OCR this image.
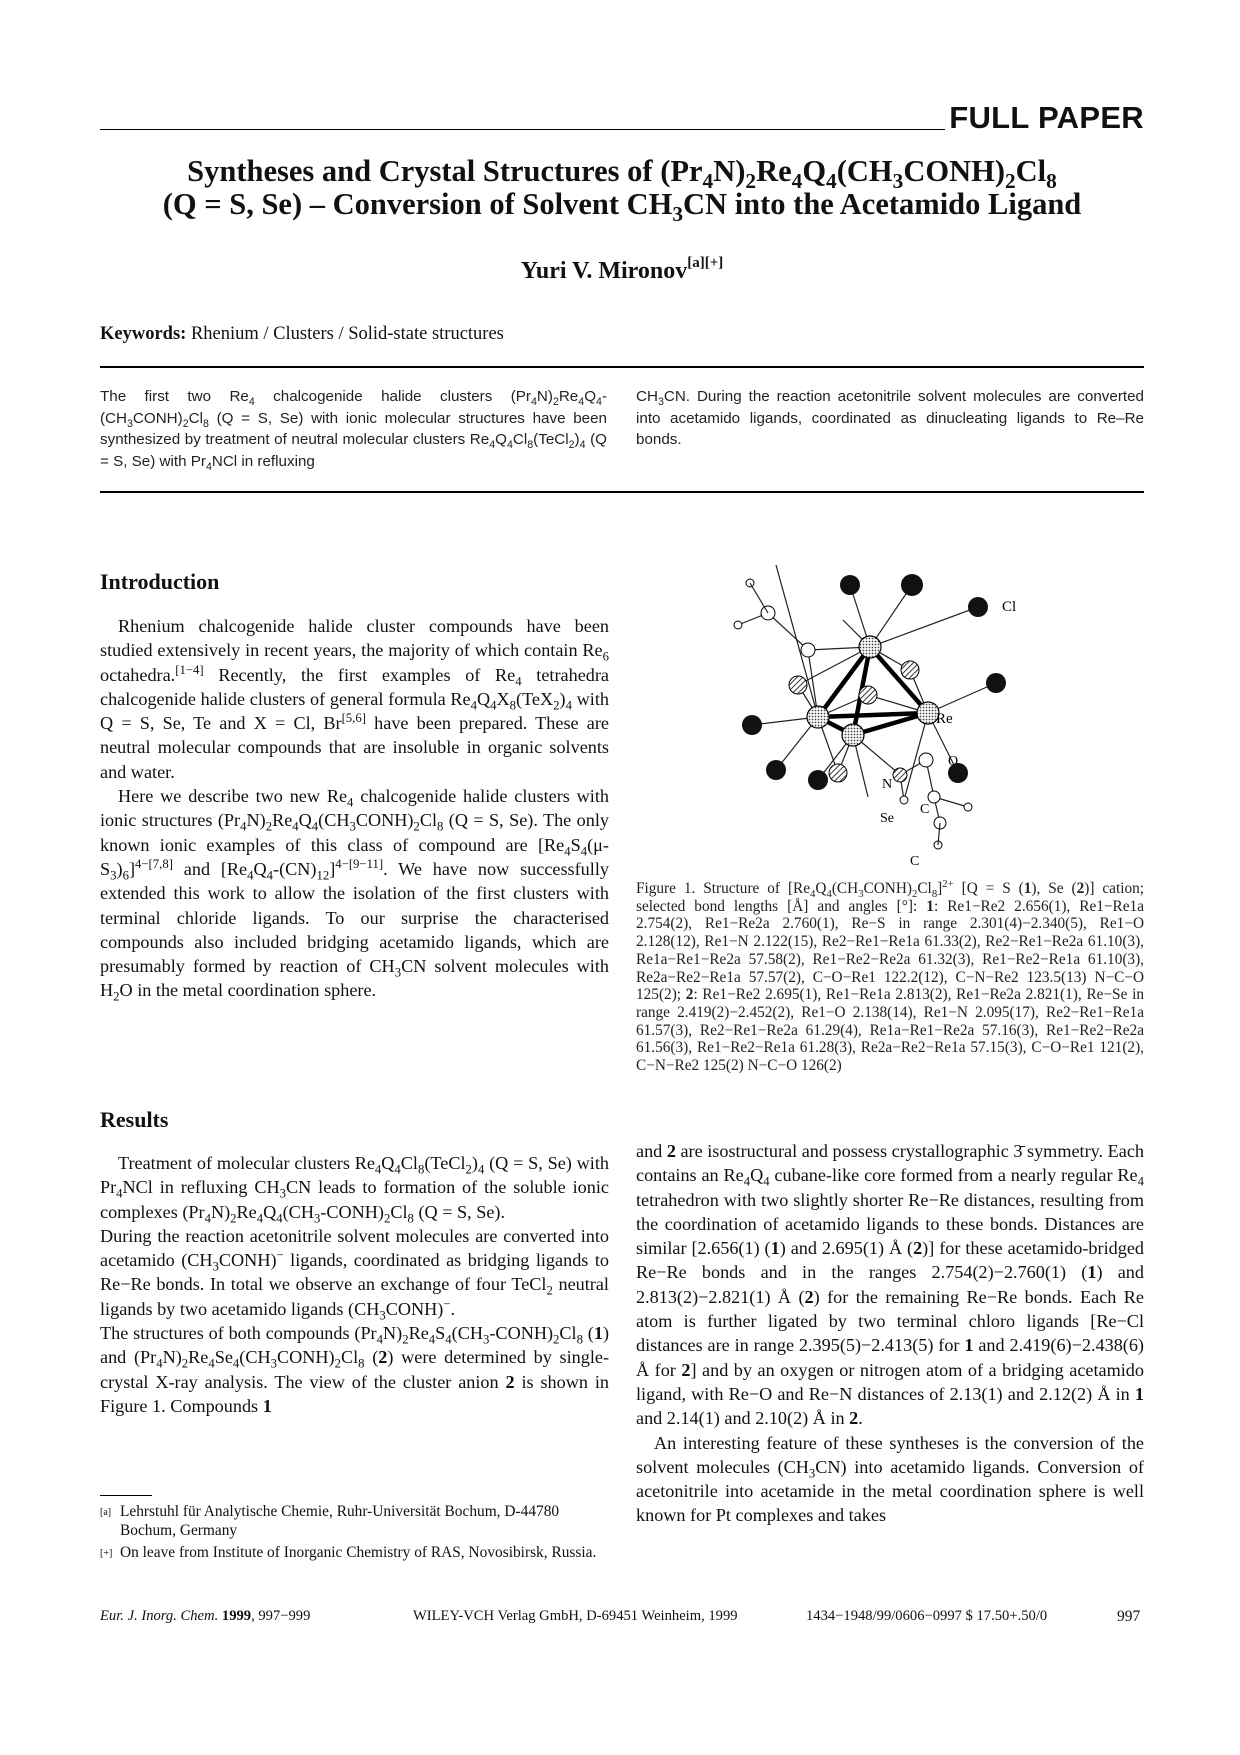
FULL PAPER
Syntheses and Crystal Structures of $(Pr_4N)_2Re_4Q_4(CH_3CONH)_2Cl_8$
(Q = S, Se) – Conversion of Solvent $CH_3CN$ into the Acetamido Ligand
Yuri V. Mironov[a][+]
Keywords: Rhenium / Clusters / Solid-state structures
The first two $Re_4$ chalcogenide halide clusters $(Pr_4N)_2Re_4Q_4-(CH_3CONH)_2Cl_8$ (Q = S, Se) with ionic molecular structures have been synthesized by treatment of neutral molecular clusters $Re_4Q_4Cl_8(TeCl_2)_4$ (Q = S, Se) with $Pr_4NCl$ in refluxing
$CH_3CN$. During the reaction acetonitrile solvent molecules are converted into acetamido ligands, coordinated as dinucleating ligands to Re–Re bonds.
Introduction

Rhenium chalcogenide halide cluster compounds have been studied extensively in recent years, the majority of which contain $Re_6$ octahedra.[1−4] Recently, the first examples of $Re_4$ tetrahedra chalcogenide halide clusters of general formula $Re_4Q_4X_8(TeX_2)_4$ with Q = S, Se, Te and X = Cl, Br[5,6] have been prepared. These are neutral molecular compounds that are insoluble in organic solvents and water.

Here we describe two new $Re_4$ chalcogenide halide clusters with ionic structures $(Pr_4N)_2Re_4Q_4(CH_3CONH)_2Cl_8$ (Q = S, Se). The only known ionic examples of this class of compound are $[Re_4S_4(\mu-S_3)_6]^{4-[7,8]}$ and $[Re_4Q_4-(CN)_{12}]^{4-[9-11]}$. We have now successfully extended this work to allow the isolation of the first clusters with terminal chloride ligands. To our surprise the characterised compounds also included bridging acetamido ligands, which are presumably formed by reaction of $CH_3CN$ solvent molecules with $H_2O$ in the metal coordination sphere.

Results

Treatment of molecular clusters $Re_4Q_4Cl_8(TeCl_2)_4$ (Q = S, Se) with $Pr_4NCl$ in refluxing $CH_3CN$ leads to formation of the soluble ionic complexes $(Pr_4N)_2Re_4Q_4(CH_3-CONH)_2Cl_8$ (Q = S, Se).

During the reaction acetonitrile solvent molecules are converted into acetamido $(CH_3CONH)^-$ ligands, coordinated as bridging ligands to Re−Re bonds. In total we observe an exchange of four TeCl$_2$ neutral ligands by two acetamido ligands $(CH_3CONH)^-$.

The structures of both compounds $(Pr_4N)_2Re_4S_4(CH_3-CONH)_2Cl_8$ (1) and $(Pr_4N)_2Re_4Se_4(CH_3CONH)_2Cl_8$ (2) were determined by single-crystal X-ray analysis. The view of the cluster anion 2 is shown in Figure 1. Compounds 1

[a] Lehrstuhl für Analytische Chemie, Ruhr-Universität Bochum, D-44780 Bochum, Germany
[+] On leave from Institute of Inorganic Chemistry of RAS, Novosibirsk, Russia.
Cl
Re
O
N
Se
C
C
Figure 1. Structure of $[Re_4Q_4(CH_3CONH)_2Cl_8]^{2+}$ [Q = S (1), Se (2)] cation; selected bond lengths [Å] and angles [°]: 1: Re1−Re2 2.656(1), Re1−Re1a 2.754(2), Re1−Re2a 2.760(1), Re−S in range 2.301(4)−2.340(5), Re1−O 2.128(12), Re1−N 2.122(15), Re2−Re1−Re1a 61.33(2), Re2−Re1−Re2a 61.10(3), Re1a−Re1−Re2a 57.58(2), Re1−Re2−Re2a 61.32(3), Re1−Re2−Re1a 61.10(3), Re2a−Re2−Re1a 57.57(2), C−O−Re1 122.2(12), C−N−Re2 123.5(13) N−C−O 125(2); 2: Re1−Re2 2.695(1), Re1−Re1a 2.813(2), Re1−Re2a 2.821(1), Re−Se in range 2.419(2)−2.452(2), Re1−O 2.138(14), Re1−N 2.095(17), Re2−Re1−Re1a 61.57(3), Re2−Re1−Re2a 61.29(4), Re1a−Re1−Re2a 57.16(3), Re1−Re2−Re2a 61.56(3), Re1−Re2−Re1a 61.28(3), Re2a−Re2−Re1a 57.15(3), C−O−Re1 121(2), C−N−Re2 125(2) N−C−O 126(2)

and 2 are isostructural and possess crystallographic 3̄ symmetry. Each contains an $Re_4Q_4$ cubane-like core formed from a nearly regular $Re_4$ tetrahedron with two slightly shorter Re−Re distances, resulting from the coordination of acetamido ligands to these bonds. Distances are similar [2.656(1) (1) and 2.695(1) Å (2)] for these acetamido-bridged Re−Re bonds and in the ranges 2.754(2)−2.760(1) (1) and 2.813(2)−2.821(1) Å (2) for the remaining Re−Re bonds. Each Re atom is further ligated by two terminal chloro ligands [Re−Cl distances are in range 2.395(5)−2.413(5) for 1 and 2.419(6)−2.438(6) Å for 2] and by an oxygen or nitrogen atom of a bridging acetamido ligand, with Re−O and Re−N distances of 2.13(1) and 2.12(2) Å in 1 and 2.14(1) and 2.10(2) Å in 2.

An interesting feature of these syntheses is the conversion of the solvent molecules $(CH_3CN)$ into acetamido ligands. Conversion of acetonitrile into acetamide in the metal coordination sphere is well known for Pt complexes and takes

Eur. J. Inorg. Chem. 1999, 997−999	WILEY-VCH Verlag GmbH, D-69451 Weinheim, 1999	1434−1948/99/0606−0997 $ 17.50+.50/0	997
